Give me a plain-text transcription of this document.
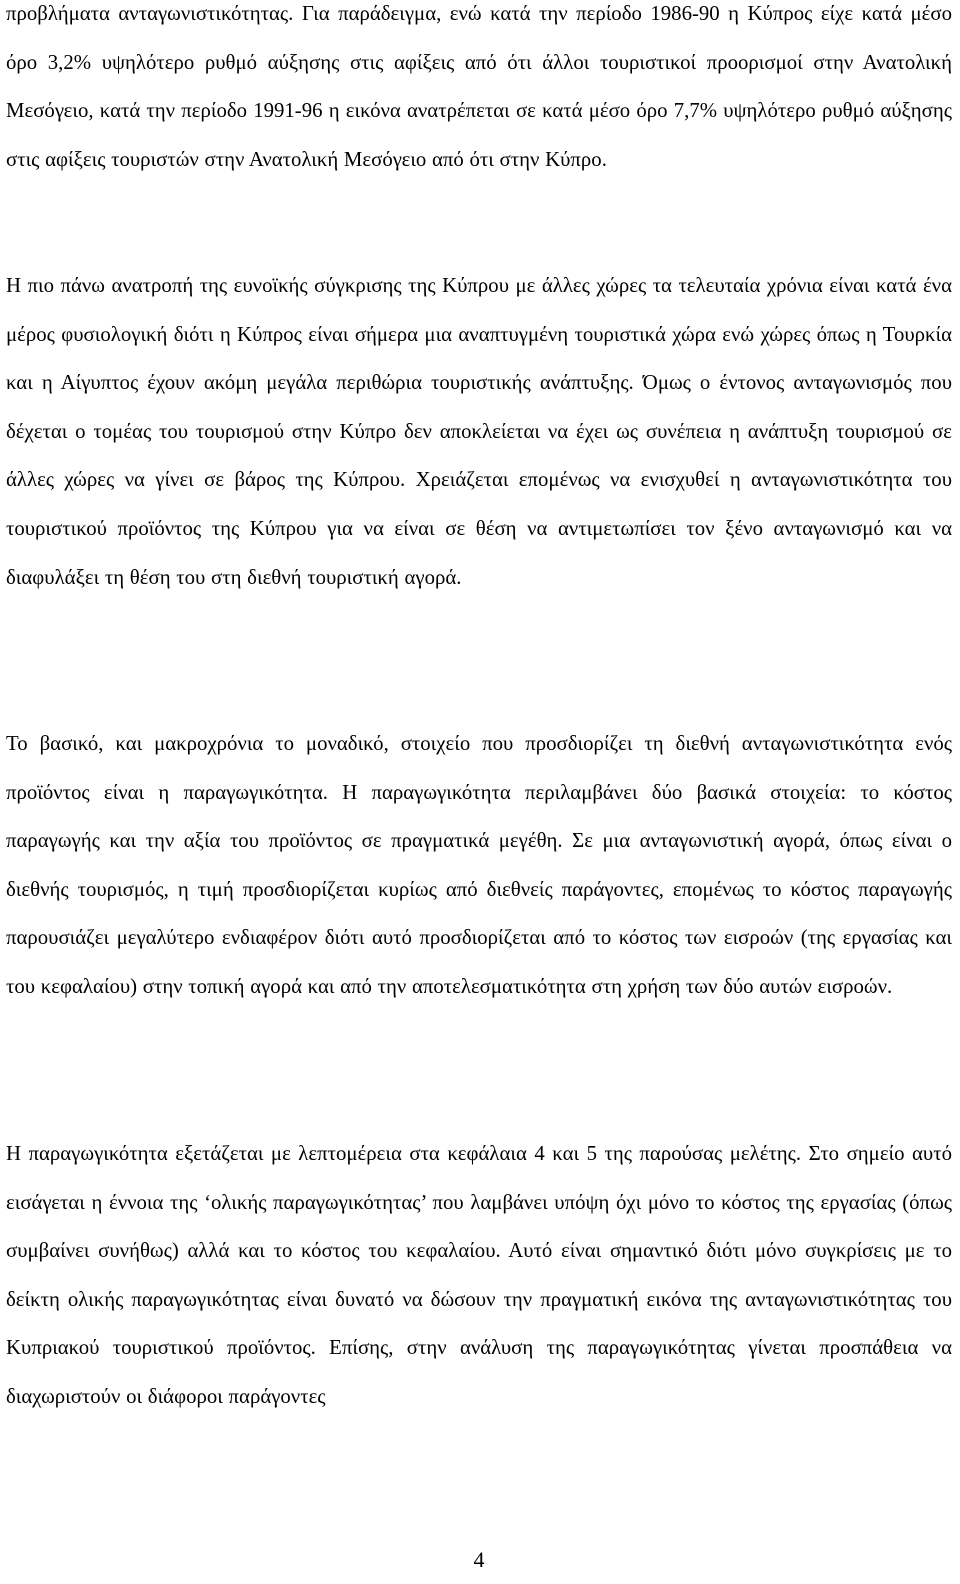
προβλήματα ανταγωνιστικότητας. Για παράδειγμα, ενώ κατά την περίοδο 1986-90 η Κύπρος είχε κατά μέσο όρο 3,2% υψηλότερο ρυθμό αύξησης στις αφίξεις από ότι άλλοι τουριστικοί προορισμοί στην Ανατολική Μεσόγειο, κατά την περίοδο 1991-96 η εικόνα ανατρέπεται σε κατά μέσο όρο 7,7% υψηλότερο ρυθμό αύξησης στις αφίξεις τουριστών στην Ανατολική Μεσόγειο από ότι στην Κύπρο.

Η πιο πάνω ανατροπή της ευνοϊκής σύγκρισης της Κύπρου με άλλες χώρες τα τελευταία χρόνια είναι κατά ένα μέρος φυσιολογική διότι η Κύπρος είναι σήμερα μια αναπτυγμένη τουριστικά χώρα ενώ χώρες όπως η Τουρκία και η Αίγυπτος έχουν ακόμη μεγάλα περιθώρια τουριστικής ανάπτυξης. Όμως ο έντονος ανταγωνισμός που δέχεται ο τομέας του τουρισμού στην Κύπρο δεν αποκλείεται να έχει ως συνέπεια η ανάπτυξη τουρισμού σε άλλες χώρες να γίνει σε βάρος της Κύπρου. Χρειάζεται επομένως να ενισχυθεί η ανταγωνιστικότητα του τουριστικού προϊόντος της Κύπρου για να είναι σε θέση να αντιμετωπίσει τον ξένο ανταγωνισμό και να διαφυλάξει τη θέση του στη διεθνή τουριστική αγορά.

Το βασικό, και μακροχρόνια το μοναδικό, στοιχείο που προσδιορίζει τη διεθνή ανταγωνιστικότητα ενός προϊόντος είναι η παραγωγικότητα. Η παραγωγικότητα περιλαμβάνει δύο βασικά στοιχεία: το κόστος παραγωγής και την αξία του προϊόντος σε πραγματικά μεγέθη. Σε μια ανταγωνιστική αγορά, όπως είναι ο διεθνής τουρισμός, η τιμή προσδιορίζεται κυρίως από διεθνείς παράγοντες, επομένως το κόστος παραγωγής παρουσιάζει μεγαλύτερο ενδιαφέρον διότι αυτό προσδιορίζεται από το κόστος των εισροών (της εργασίας και του κεφαλαίου) στην τοπική αγορά και από την αποτελεσματικότητα στη χρήση των δύο αυτών εισροών.

Η παραγωγικότητα εξετάζεται με λεπτομέρεια στα κεφάλαια 4 και 5 της παρούσας μελέτης. Στο σημείο αυτό εισάγεται η έννοια της ‘ολικής παραγωγικότητας’ που λαμβάνει υπόψη όχι μόνο το κόστος της εργασίας (όπως συμβαίνει συνήθως) αλλά και το κόστος του κεφαλαίου. Αυτό είναι σημαντικό διότι μόνο συγκρίσεις με το δείκτη ολικής παραγωγικότητας είναι δυνατό να δώσουν την πραγματική εικόνα της ανταγωνιστικότητας του Κυπριακού τουριστικού προϊόντος. Επίσης, στην ανάλυση της παραγωγικότητας γίνεται προσπάθεια να διαχωριστούν οι διάφοροι παράγοντες

4
